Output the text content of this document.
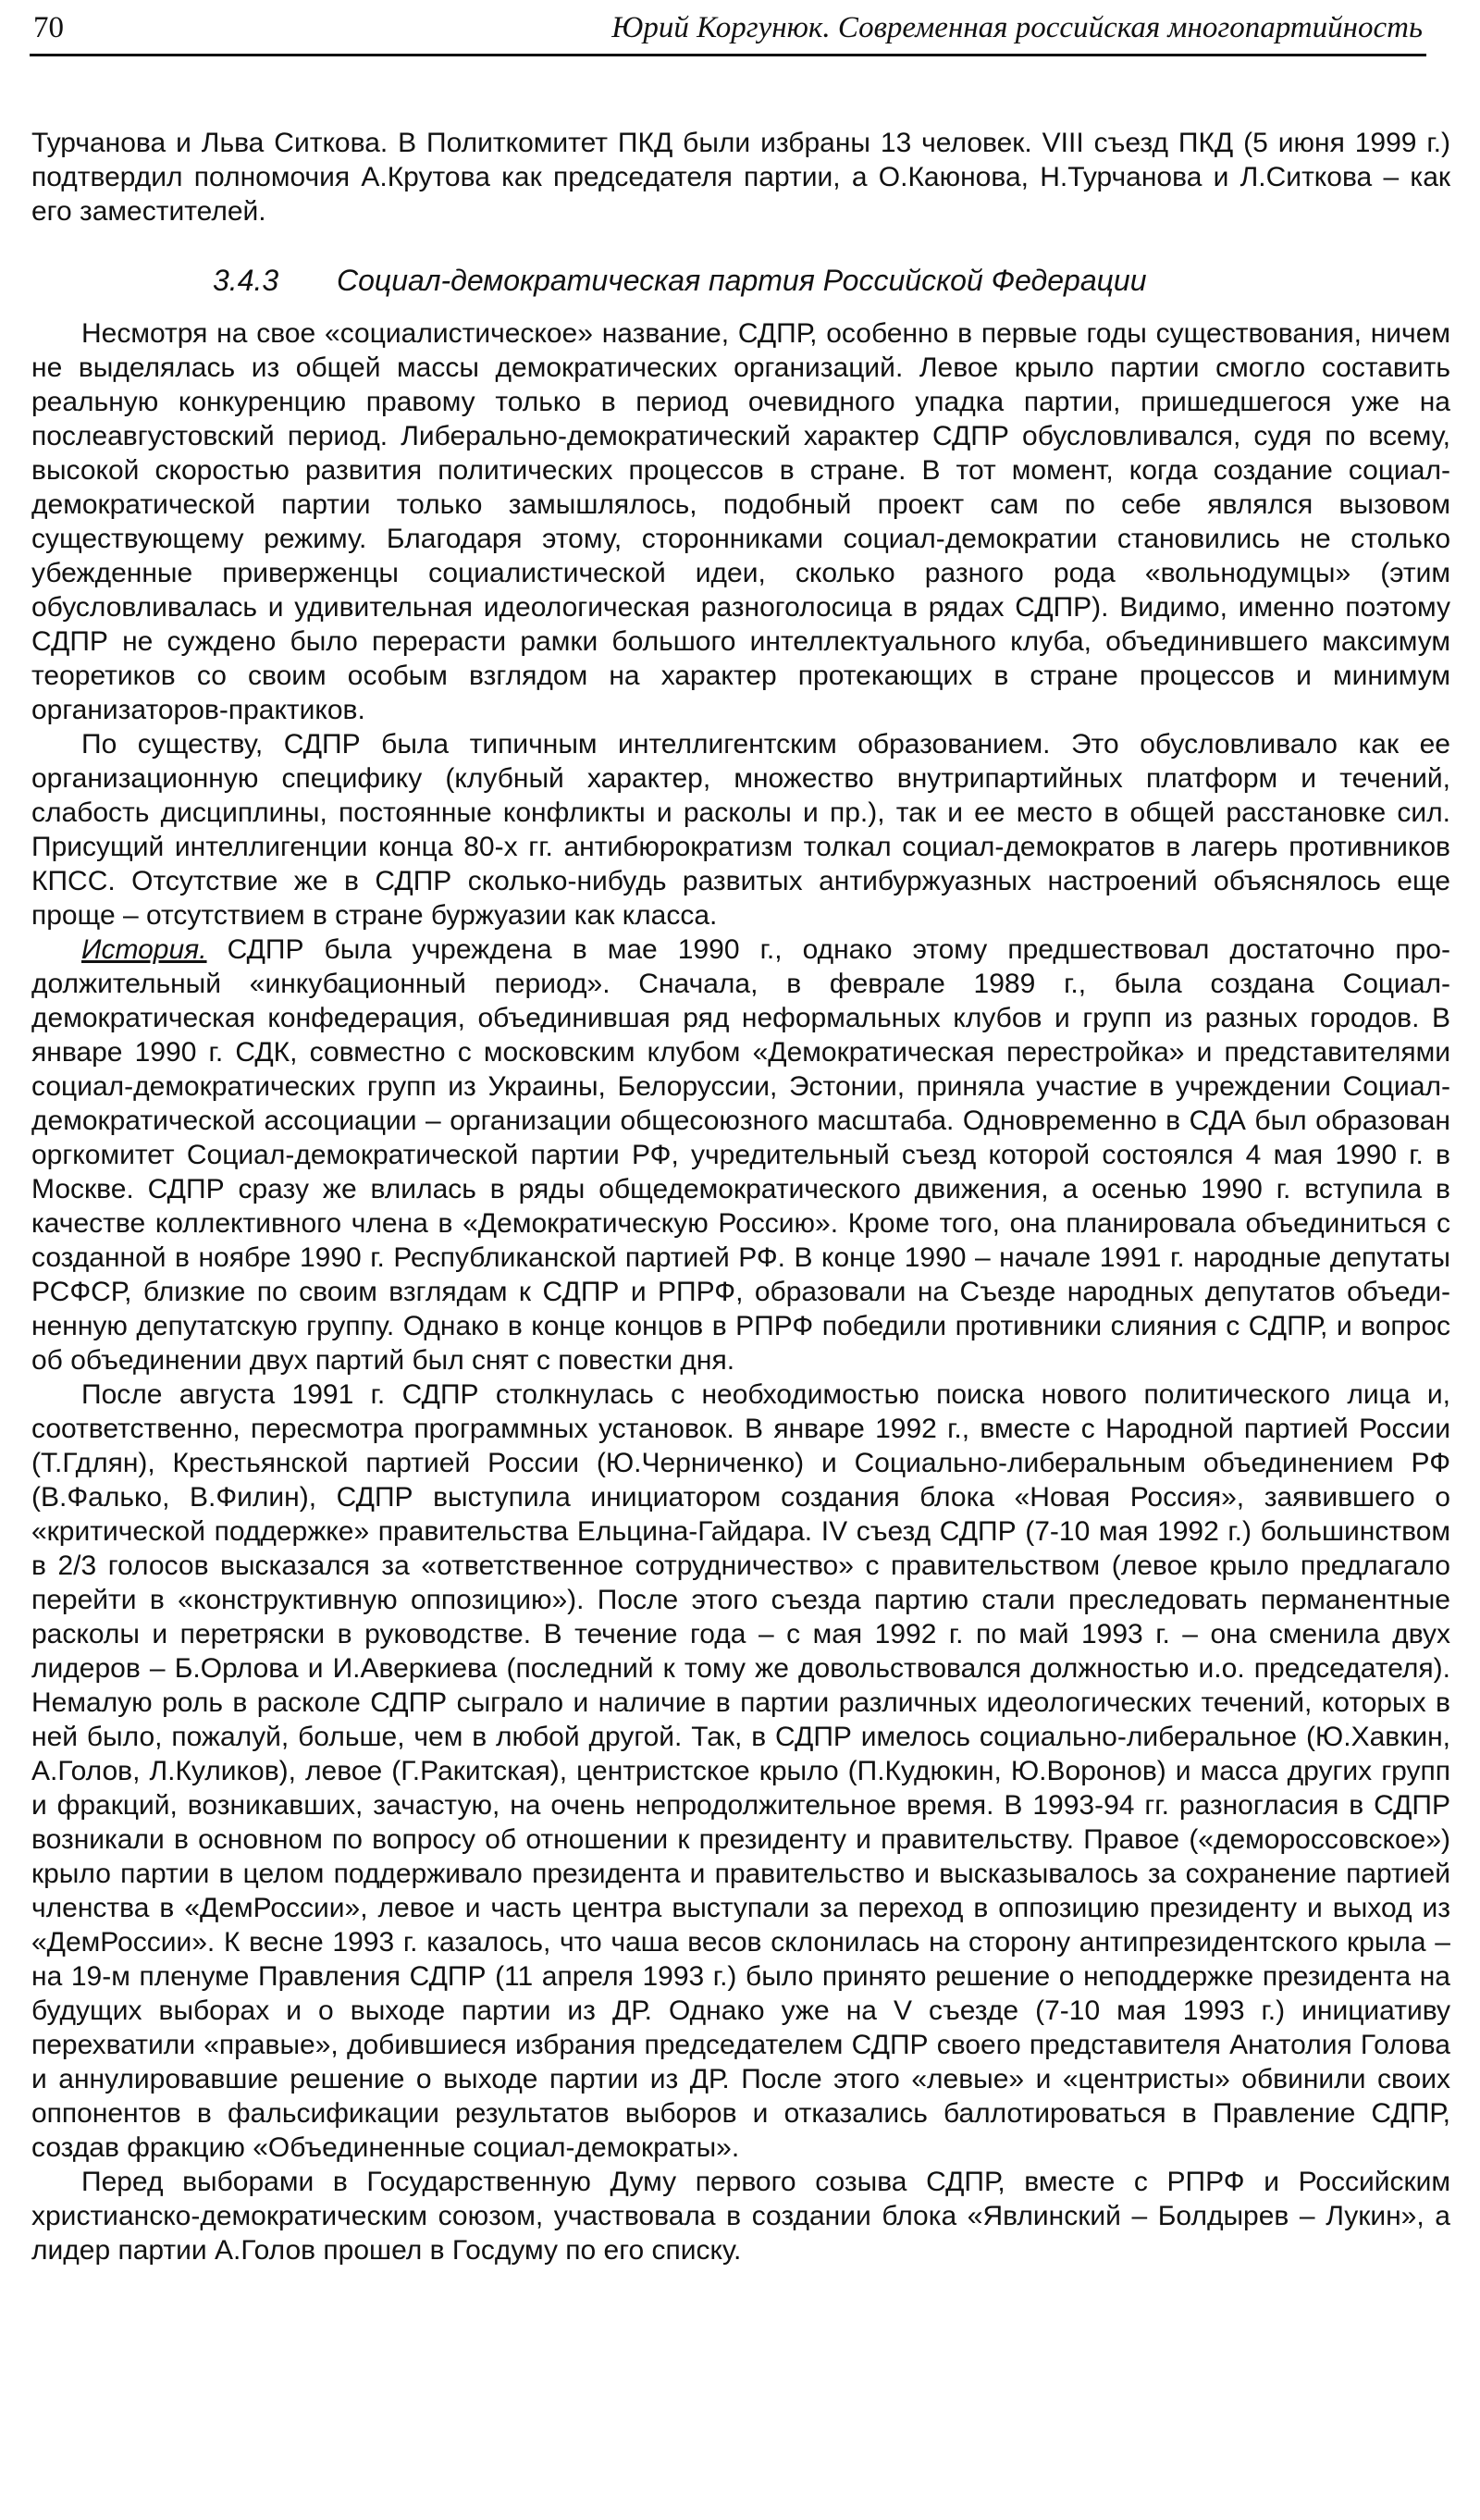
70	Юрий Коргунюк. Современная российская многопартийность

Турчанова и Льва Ситкова. В Политкомитет ПКД были избраны 13 человек. VIII съезд ПКД (5 июня 1999 г.) подтвердил полномочия А.Крутова как председателя партии, а О.Каюнова, Н.Турчанова и Л.Ситкова – как его заместителей.

3.4.3 Социал-демократическая партия Российской Федерации

Несмотря на свое «социалистическое» название, СДПР, особенно в первые годы существования, ничем не выделялась из общей массы демократических организаций. Левое крыло партии смогло составить реальную конкуренцию правому только в период очевидного упадка партии, пришедшегося уже на послеавгустовский период. Либерально-демократический характер СДПР обусловливался, судя по всему, высокой скоростью развития политических процессов в стране. В тот момент, когда создание социал-демократической партии только замышлялось, подобный проект сам по себе являлся вызовом существующему режиму. Благодаря этому, сторонниками социал-демократии становились не столько убежденные приверженцы социалистической идеи, сколько разного рода «вольнодумцы» (этим обусловливалась и удивительная идеологическая разноголосица в рядах СДПР). Видимо, именно поэтому СДПР не суждено было перерасти рамки большого интеллектуального клуба, объединившего максимум теоретиков со своим особым взглядом на характер протекающих в стране процессов и минимум организаторов-практиков.

По существу, СДПР была типичным интеллигентским образованием. Это обусловливало как ее организационную специфику (клубный характер, множество внутрипартийных платформ и течений, слабость дисциплины, постоянные конфликты и расколы и пр.), так и ее место в общей расстановке сил. Присущий интеллигенции конца 80-х гг. антибюрократизм толкал социал-демократов в лагерь противников КПСС. Отсутствие же в СДПР сколько-нибудь развитых антибуржуазных настроений объяснялось еще проще – отсутствием в стране буржуазии как класса.

История. СДПР была учреждена в мае 1990 г., однако этому предшествовал достаточно продолжительный «инкубационный период». Сначала, в феврале 1989 г., была создана Социал-демократическая конфедерация, объединившая ряд неформальных клубов и групп из разных городов. В январе 1990 г. СДК, совместно с московским клубом «Демократическая перестройка» и представителями социал-демократических групп из Украины, Белоруссии, Эстонии, приняла участие в учреждении Социал-демократической ассоциации – организации общесоюзного масштаба. Одновременно в СДА был образован оргкомитет Социал-демократической партии РФ, учредительный съезд которой состоялся 4 мая 1990 г. в Москве. СДПР сразу же влилась в ряды общедемократического движения, а осенью 1990 г. вступила в качестве коллективного члена в «Демократическую Россию». Кроме того, она планировала объединиться с созданной в ноябре 1990 г. Республиканской партией РФ. В конце 1990 – начале 1991 г. народные депутаты РСФСР, близкие по своим взглядам к СДПР и РПРФ, образовали на Съезде народных депутатов объединенную депутатскую группу. Однако в конце концов в РПРФ победили противники слияния с СДПР, и вопрос об объединении двух партий был снят с повестки дня.

После августа 1991 г. СДПР столкнулась с необходимостью поиска нового политического лица и, соответственно, пересмотра программных установок. В январе 1992 г., вместе с Народной партией России (Т.Гдлян), Крестьянской партией России (Ю.Черниченко) и Социально-либеральным объединением РФ (В.Фалько, В.Филин), СДПР выступила инициатором создания блока «Новая Россия», заявившего о «критической поддержке» правительства Ельцина-Гайдара. IV съезд СДПР (7-10 мая 1992 г.) большинством в 2/3 голосов высказался за «ответственное сотрудничество» с правительством (левое крыло предлагало перейти в «конструктивную оппозицию»). После этого съезда партию стали преследовать перманентные расколы и перетряски в руководстве. В течение года – с мая 1992 г. по май 1993 г. – она сменила двух лидеров – Б.Орлова и И.Аверкиева (последний к тому же довольствовался должностью и.о. председателя). Немалую роль в расколе СДПР сыграло и наличие в партии различных идеологических течений, которых в ней было, пожалуй, больше, чем в любой другой. Так, в СДПР имелось социально-либеральное (Ю.Хавкин, А.Голов, Л.Куликов), левое (Г.Ракитская), центристское крыло (П.Кудюкин, Ю.Воронов) и масса других групп и фракций, возникавших, зачастую, на очень непродолжительное время. В 1993-94 гг. разногласия в СДПР возникали в основном по вопросу об отношении к президенту и правительству. Правое («демороссовское») крыло партии в целом поддерживало президента и правительство и высказывалось за сохранение партией членства в «ДемРоссии», левое и часть центра выступали за переход в оппозицию президенту и выход из «ДемРоссии». К весне 1993 г. казалось, что чаша весов склонилась на сторону антипрезидентского крыла – на 19-м пленуме Правления СДПР (11 апреля 1993 г.) было принято решение о неподдержке президента на будущих выборах и о выходе партии из ДР. Однако уже на V съезде (7-10 мая 1993 г.) инициативу перехватили «правые», добившиеся избрания председателем СДПР своего представителя Анатолия Голова и аннулировавшие решение о выходе партии из ДР. После этого «левые» и «центристы» обвинили своих оппонентов в фальсификации результатов выборов и отказались баллотироваться в Правление СДПР, создав фракцию «Объединенные социал-демократы».

Перед выборами в Государственную Думу первого созыва СДПР, вместе с РПРФ и Российским христианско-демократическим союзом, участвовала в создании блока «Явлинский – Болдырев – Лукин», а лидер партии А.Голов прошел в Госдуму по его списку.
